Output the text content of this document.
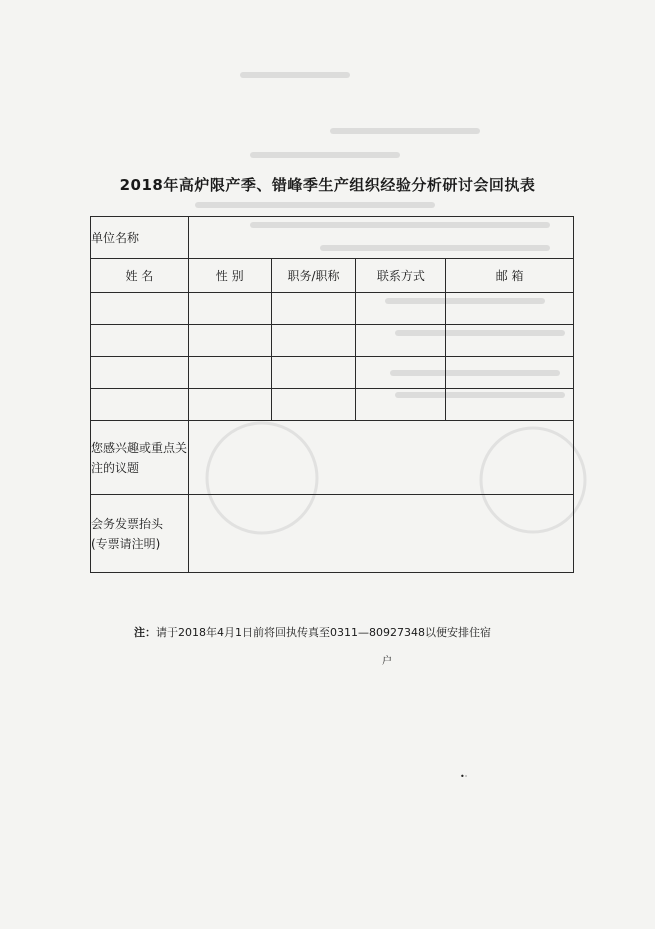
2018年高炉限产季、错峰季生产组织经验分析研讨会回执表
单位名称				
姓 名	性 别	职务/职称	联系方式	邮 箱

您感兴趣或重点关注的议题				

会务发票抬头
(专票请注明)				

注：请于2018年4月1日前将回执传真至0311—80927348以便安排住宿
户
•·
